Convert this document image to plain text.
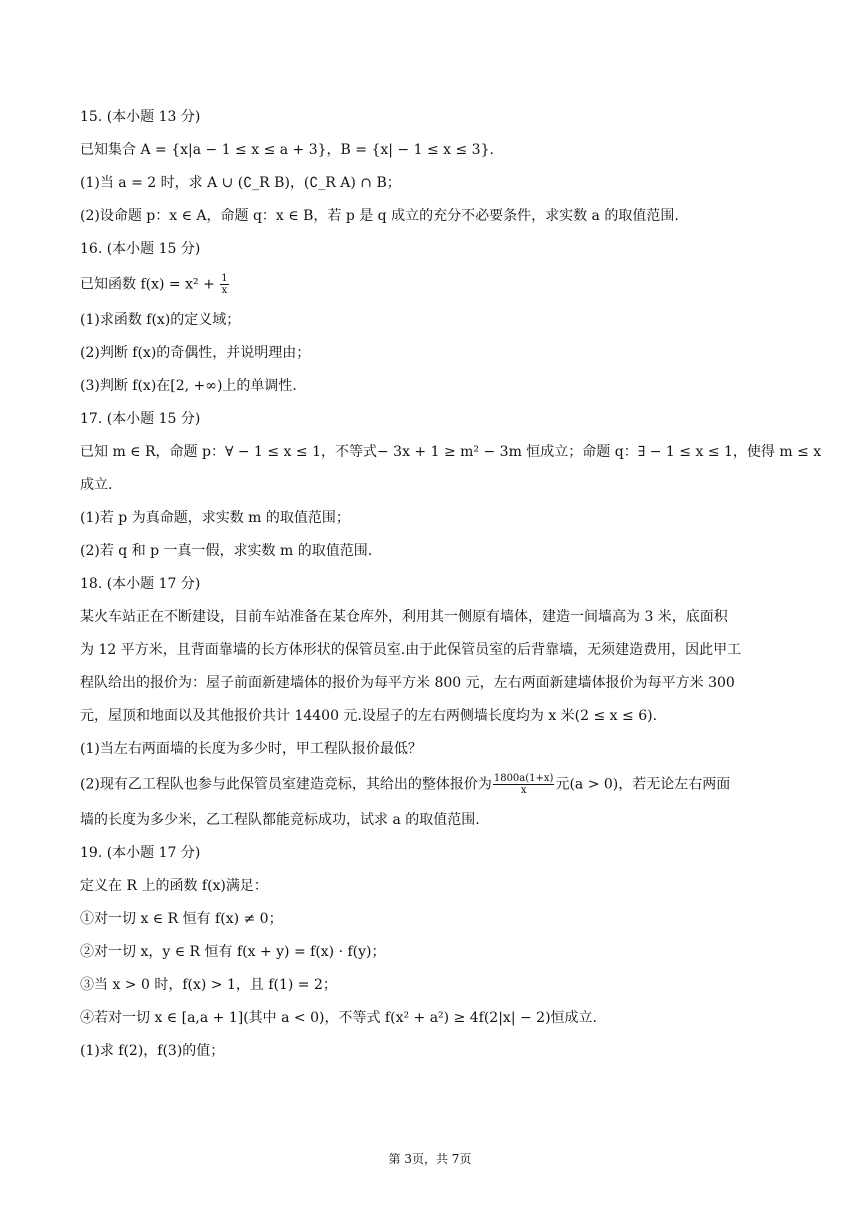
15. (本小题 13 分)
已知集合 A = {x|a − 1 ≤ x ≤ a + 3}，B = {x| − 1 ≤ x ≤ 3}.
(1)当 a = 2 时，求 A ∪ (∁_R B)，(∁_R A) ∩ B；
(2)设命题 p：x ∈ A，命题 q：x ∈ B，若 p 是 q 成立的充分不必要条件，求实数 a 的取值范围.
16. (本小题 15 分)
已知函数 $f(x) = x^2 + \frac{1}{x}$
(1)求函数 f(x)的定义域；
(2)判断 f(x)的奇偶性，并说明理由；
(3)判断 f(x)在[2, +∞)上的单调性.
17. (本小题 15 分)
已知 m ∈ R，命题 p：∀ − 1 ≤ x ≤ 1，不等式− 3x + 1 ≥ m² − 3m 恒成立；命题 q：∃ − 1 ≤ x ≤ 1，使得 m ≤ x
成立.
(1)若 p 为真命题，求实数 m 的取值范围；
(2)若 q 和 p 一真一假，求实数 m 的取值范围.
18. (本小题 17 分)
某火车站正在不断建设，目前车站准备在某仓库外，利用其一侧原有墙体，建造一间墙高为 3 米，底面积
为 12 平方米，且背面靠墙的长方体形状的保管员室.由于此保管员室的后背靠墙，无须建造费用，因此甲工
程队给出的报价为：屋子前面新建墙体的报价为每平方米 800 元，左右两面新建墙体报价为每平方米 300
元，屋顶和地面以及其他报价共计 14400 元.设屋子的左右两侧墙长度均为 x 米(2 ≤ x ≤ 6).
(1)当左右两面墙的长度为多少时，甲工程队报价最低？
(2)现有乙工程队也参与此保管员室建造竞标，其给出的整体报价为 $\frac{1800a(1+x)}{x}$ 元(a > 0)，若无论左右两面
墙的长度为多少米，乙工程队都能竞标成功，试求 a 的取值范围.
19. (本小题 17 分)
定义在 R 上的函数 f(x)满足：
①对一切 x ∈ R 恒有 f(x) ≠ 0；
②对一切 x，y ∈ R 恒有 f(x + y) = f(x) · f(y)；
③当 x > 0 时，f(x) > 1，且 f(1) = 2；
④若对一切 x ∈ [a,a + 1](其中 a < 0)，不等式 f(x² + a²) ≥ 4f(2|x| − 2)恒成立.
(1)求 f(2)，f(3)的值；
第 3页，共 7页
